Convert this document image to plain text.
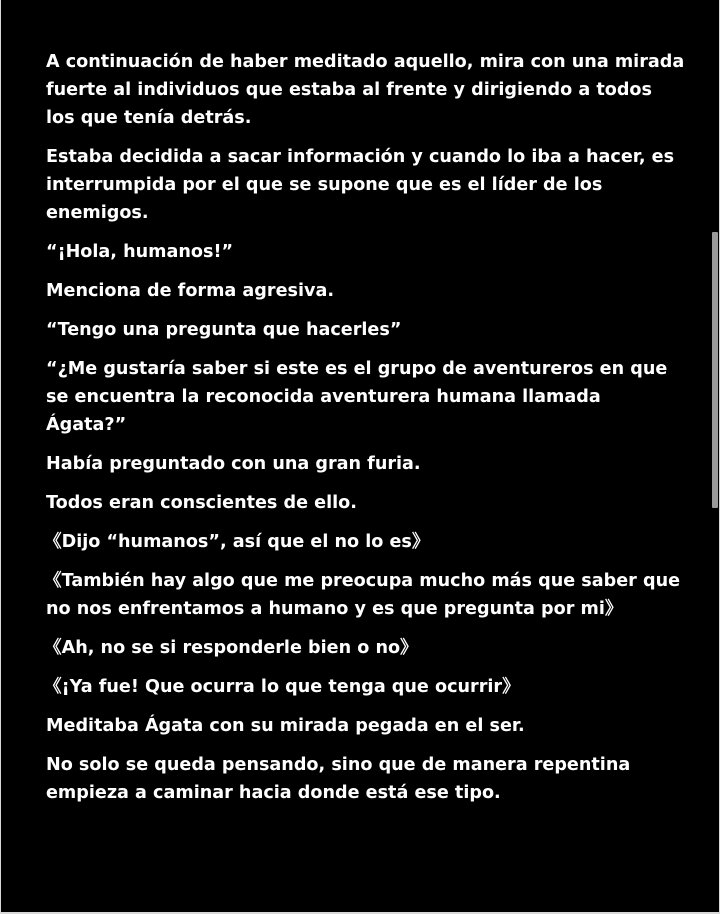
A continuación de haber meditado aquello, mira con una mirada fuerte al individuos que estaba al frente y dirigiendo a todos los que tenía detrás.

Estaba decidida a sacar información y cuando lo iba a hacer, es interrumpida por el que se supone que es el líder de los enemigos.

“¡Hola, humanos!”

Menciona de forma agresiva.

“Tengo una pregunta que hacerles”

“¿Me gustaría saber si este es el grupo de aventureros en que se encuentra la reconocida aventurera humana llamada Ágata?”

Había preguntado con una gran furia.

Todos eran conscientes de ello.

《Dijo “humanos”, así que el no lo es》

《También hay algo que me preocupa mucho más que saber que no nos enfrentamos a humano y es que pregunta por mi》

《Ah, no se si responderle bien o no》

《¡Ya fue! Que ocurra lo que tenga que ocurrir》

Meditaba Ágata con su mirada pegada en el ser.

No solo se queda pensando, sino que de manera repentina empieza a caminar hacia donde está ese tipo.
